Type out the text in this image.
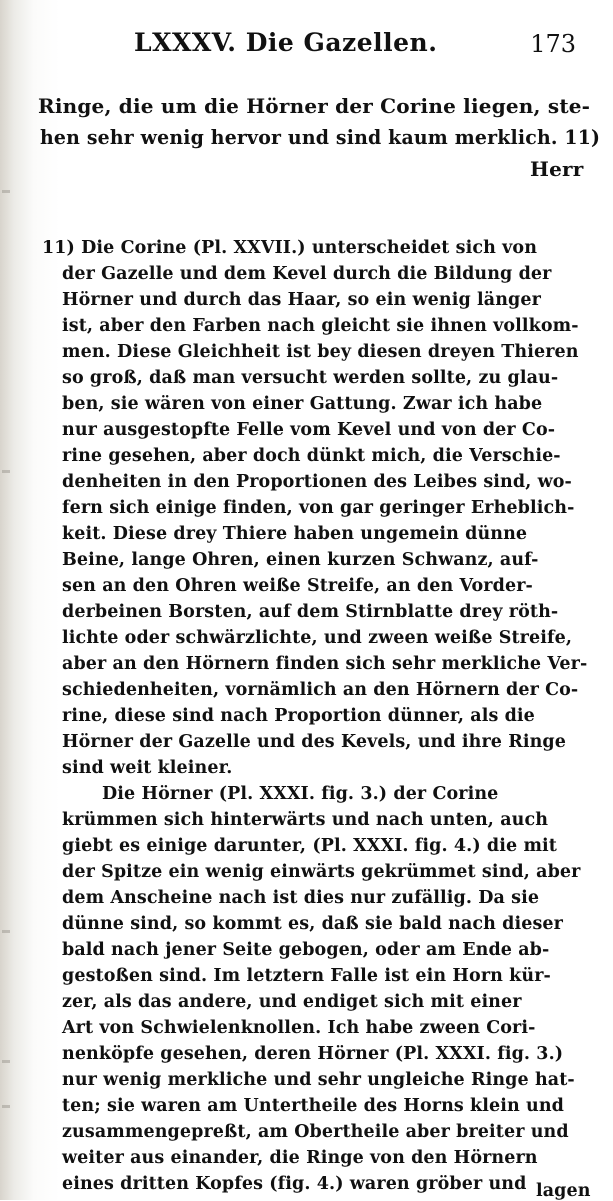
LXXXV. Die Gazellen.	173
Ringe, die um die Hörner der Corine liegen, ste-
hen sehr wenig hervor und sind kaum merklich. 11)
Herr
11) Die Corine (Pl. XXVII.) unterscheidet sich von
der Gazelle und dem Kevel durch die Bildung der
Hörner und durch das Haar, so ein wenig länger
ist, aber den Farben nach gleicht sie ihnen vollkom-
men. Diese Gleichheit ist bey diesen dreyen Thieren
so groß, daß man versucht werden sollte, zu glau-
ben, sie wären von einer Gattung. Zwar ich habe
nur ausgestopfte Felle vom Kevel und von der Co-
rine gesehen, aber doch dünkt mich, die Verschie-
denheiten in den Proportionen des Leibes sind, wo-
fern sich einige finden, von gar geringer Erheblich-
keit. Diese drey Thiere haben ungemein dünne
Beine, lange Ohren, einen kurzen Schwanz, auf-
sen an den Ohren weiße Streife, an den Vorder-
derbeinen Borsten, auf dem Stirnblatte drey röth-
lichte oder schwärzlichte, und zween weiße Streife,
aber an den Hörnern finden sich sehr merkliche Ver-
schiedenheiten, vornämlich an den Hörnern der Co-
rine, diese sind nach Proportion dünner, als die
Hörner der Gazelle und des Kevels, und ihre Ringe
sind weit kleiner.
Die Hörner (Pl. XXXI. fig. 3.) der Corine
krümmen sich hinterwärts und nach unten, auch
giebt es einige darunter, (Pl. XXXI. fig. 4.) die mit
der Spitze ein wenig einwärts gekrümmet sind, aber
dem Anscheine nach ist dies nur zufällig. Da sie
dünne sind, so kommt es, daß sie bald nach dieser
bald nach jener Seite gebogen, oder am Ende ab-
gestoßen sind. Im letztern Falle ist ein Horn kür-
zer, als das andere, und endiget sich mit einer
Art von Schwielenknollen. Ich habe zween Cori-
nenköpfe gesehen, deren Hörner (Pl. XXXI. fig. 3.)
nur wenig merkliche und sehr ungleiche Ringe hat-
ten; sie waren am Untertheile des Horns klein und
zusammengepreßt, am Obertheile aber breiter und
weiter aus einander, die Ringe von den Hörnern
eines dritten Kopfes (fig. 4.) waren gröber und lagen
